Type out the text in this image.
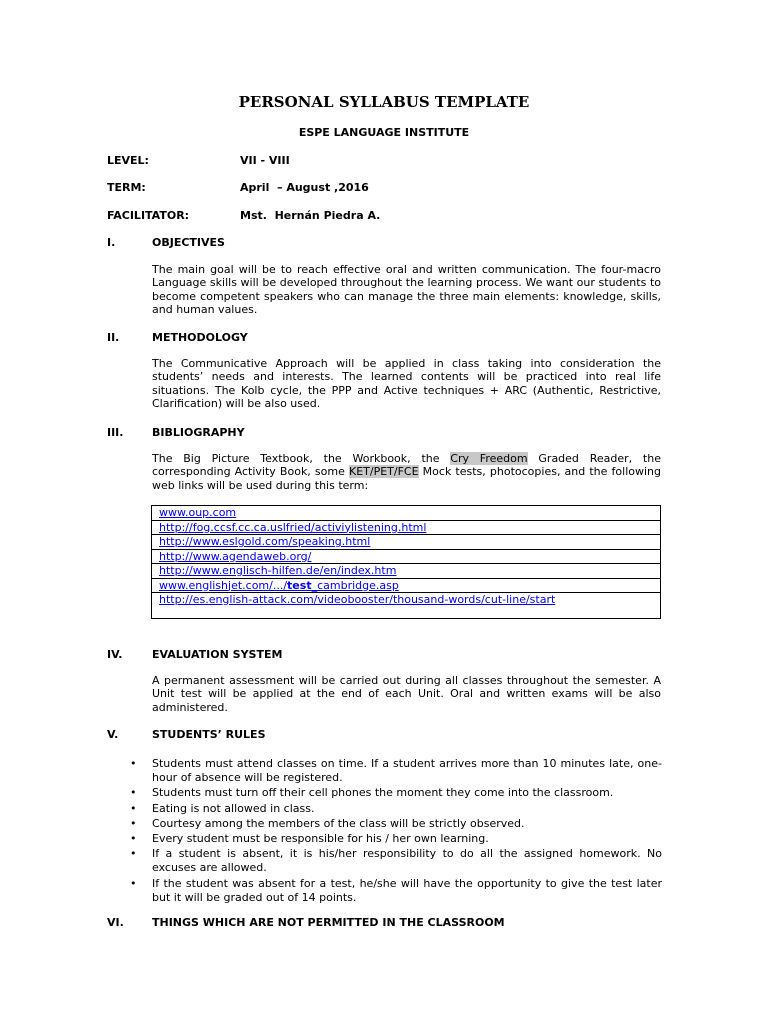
PERSONAL SYLLABUS TEMPLATE
ESPE LANGUAGE INSTITUTE
LEVEL:	VII - VIII
TERM:	April  – August ,2016
FACILITATOR:	Mst.  Hernán Piedra A.
I.	OBJECTIVES
The main goal will be to reach effective oral and written communication. The four-macro Language skills will be developed throughout the learning process. We want our students to become competent speakers who can manage the three main elements: knowledge, skills, and human values.
II.	METHODOLOGY
The Communicative Approach will be applied in class taking into consideration the students’ needs and interests. The learned contents will be practiced into real life situations. The Kolb cycle, the PPP and Active techniques + ARC (Authentic, Restrictive, Clarification) will be also used.
III.	BIBLIOGRAPHY
The Big Picture Textbook, the Workbook, the Cry Freedom Graded Reader, the corresponding Activity Book, some KET/PET/FCE Mock tests, photocopies, and the following web links will be used during this term:
www.oup.com
http://fog.ccsf.cc.ca.uslfried/activiylistening.html
http://www.eslgold.com/speaking.html
http://www.agendaweb.org/
http://www.englisch-hilfen.de/en/index.htm
www.englishjet.com/.../test_cambridge.asp
http://es.english-attack.com/videobooster/thousand-words/cut-line/start
IV.	EVALUATION SYSTEM
A permanent assessment will be carried out during all classes throughout the semester. A Unit test will be applied at the end of each Unit. Oral and written exams will be also administered.
V.	STUDENTS’ RULES
• Students must attend classes on time. If a student arrives more than 10 minutes late, one- hour of absence will be registered.
• Students must turn off their cell phones the moment they come into the classroom.
• Eating is not allowed in class.
• Courtesy among the members of the class will be strictly observed.
• Every student must be responsible for his / her own learning.
• If a student is absent, it is his/her responsibility to do all the assigned homework. No excuses are allowed.
• If the student was absent for a test, he/she will have the opportunity to give the test later but it will be graded out of 14 points.
VI.	THINGS WHICH ARE NOT PERMITTED IN THE CLASSROOM
